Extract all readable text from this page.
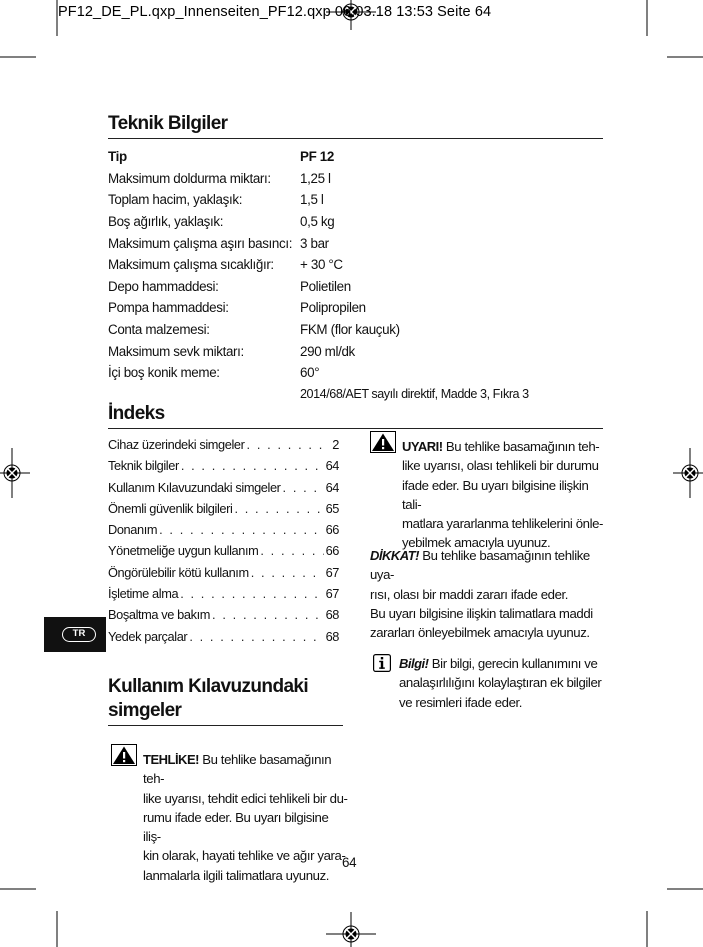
PF12_DE_PL.qxp_Innenseiten_PF12.qxp 06.03.18 13:53 Seite 64
Teknik Bilgiler
Tip	PF 12
Maksimum doldurma miktarı:	1,25 l
Toplam hacim, yaklaşık:	1,5 l
Boş ağırlık, yaklaşık:	0,5 kg
Maksimum çalışma aşırı basıncı: 3 bar
Maksimum çalışma sıcaklığır:	+ 30 °C
Depo hammaddesi:	Polietilen
Pompa hammaddesi:	Polipropilen
Conta malzemesi:	FKM (flor kauçuk)
Maksimum sevk miktarı:	290 ml/dk
İçi boş konik meme:	60°
2014/68/AET sayılı direktif, Madde 3, Fıkra 3
İndeks
Cihaz üzerindeki simgeler . . .	2
Teknik bilgiler . . .	64
Kullanım Kılavuzundaki simgeler . . .	64
Önemli güvenlik bilgileri . . .	65
Donanım . . .	66
Yönetmeliğe uygun kullanım . . .	66
Öngörülebilir kötü kullanım . . .	67
İşletime alma . . .	67
Boşaltma ve bakım . . .	68
Yedek parçalar . . .	68
TR
Kullanım Kılavuzundaki
simgeler
TEHLİKE! Bu tehlike basamağının teh-
like uyarısı, tehdit edici tehlikeli bir du-
rumu ifade eder. Bu uyarı bilgisine iliş-
kin olarak, hayati tehlike ve ağır yara-
lanmalarla ilgili talimatlara uyunuz.
UYARI! Bu tehlike basamağının teh-
like uyarısı, olası tehlikeli bir durumu
ifade eder. Bu uyarı bilgisine ilişkin tali-
matlara yararlanma tehlikelerini önle-
yebilmek amacıyla uyunuz.
DİKKAT! Bu tehlike basamağının tehlike uya-
rısı, olası bir maddi zararı ifade eder.
Bu uyarı bilgisine ilişkin talimatlara maddi
zararları önleyebilmek amacıyla uyunuz.
Bilgi! Bir bilgi, gerecin kullanımını ve
analaşırlılığını kolaylaştıran ek bilgiler
ve resimleri ifade eder.
64
